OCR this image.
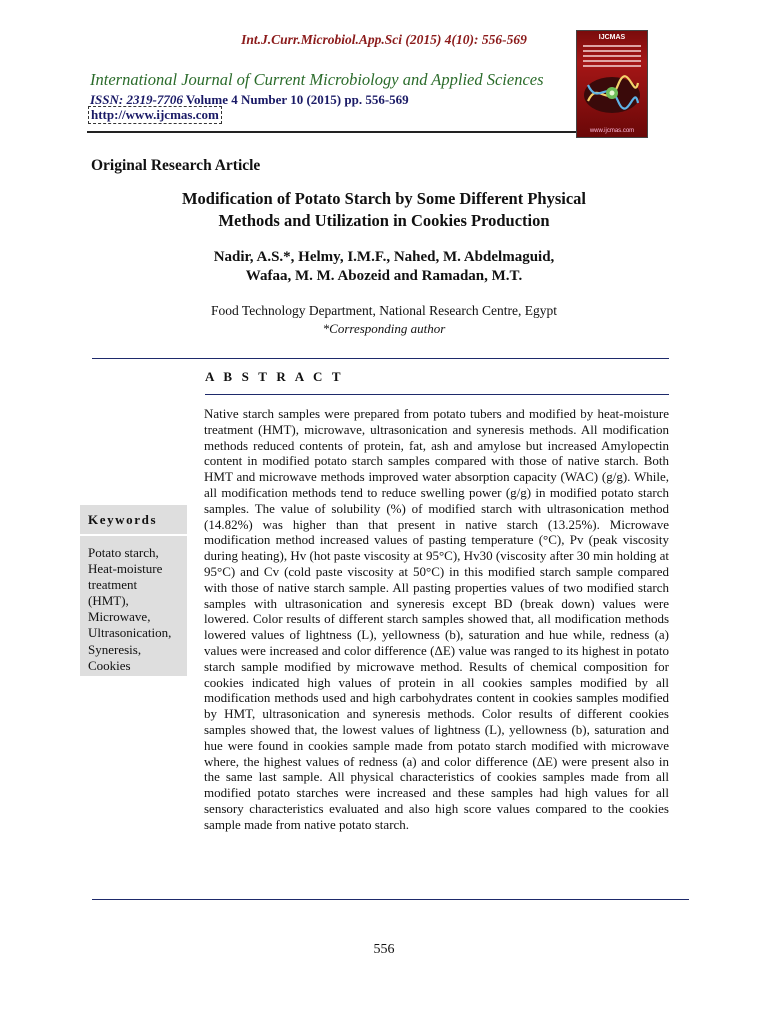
Int.J.Curr.Microbiol.App.Sci (2015) 4(10): 556-569	IJCMAS
www.ijcmas.com
International Journal of Current Microbiology and Applied Sciences
ISSN: 2319-7706 Volume 4 Number 10 (2015) pp. 556-569
http://www.ijcmas.com
Original Research Article
Modification of Potato Starch by Some Different Physical
Methods and Utilization in Cookies Production
Nadir, A.S.*, Helmy, I.M.F., Nahed, M. Abdelmaguid,
Wafaa, M. M. Abozeid and Ramadan, M.T.
Food Technology Department, National Research Centre, Egypt
*Corresponding author
A B S T R A C T
Keywords
Potato starch,
Heat-moisture treatment
(HMT),
Microwave,
Ultrasonication,
Syneresis,
Cookies
Native starch samples were prepared from potato tubers and modified by heat-moisture treatment (HMT), microwave, ultrasonication and syneresis methods. All modification methods reduced contents of protein, fat, ash and amylose but increased Amylopectin content in modified potato starch samples compared with those of native starch. Both HMT and microwave methods improved water absorption capacity (WAC) (g/g). While, all modification methods tend to reduce swelling power (g/g) in modified potato starch samples. The value of solubility (%) of modified starch with ultrasonication method (14.82%) was higher than that present in native starch (13.25%). Microwave modification method increased values of pasting temperature (°C), Pv (peak viscosity during heating), Hv (hot paste viscosity at 95°C), Hv30 (viscosity after 30 min holding at 95°C) and Cv (cold paste viscosity at 50°C) in this modified starch sample compared with those of native starch sample. All pasting properties values of two modified starch samples with ultrasonication and syneresis except BD (break down) values were lowered. Color results of different starch samples showed that, all modification methods lowered values of lightness (L), yellowness (b), saturation and hue while, redness (a) values were increased and color difference (ΔE) value was ranged to its highest in potato starch sample modified by microwave method. Results of chemical composition for cookies indicated high values of protein in all cookies samples modified by all modification methods used and high carbohydrates content in cookies samples modified by HMT, ultrasonication and syneresis methods. Color results of different cookies samples showed that, the lowest values of lightness (L), yellowness (b), saturation and hue were found in cookies sample made from potato starch modified with microwave where, the highest values of redness (a) and color difference (ΔE) were present also in the same last sample. All physical characteristics of cookies samples made from all modified potato starches were increased and these samples had high values for all sensory characteristics evaluated and also high score values compared to the cookies sample made from native potato starch.
556
